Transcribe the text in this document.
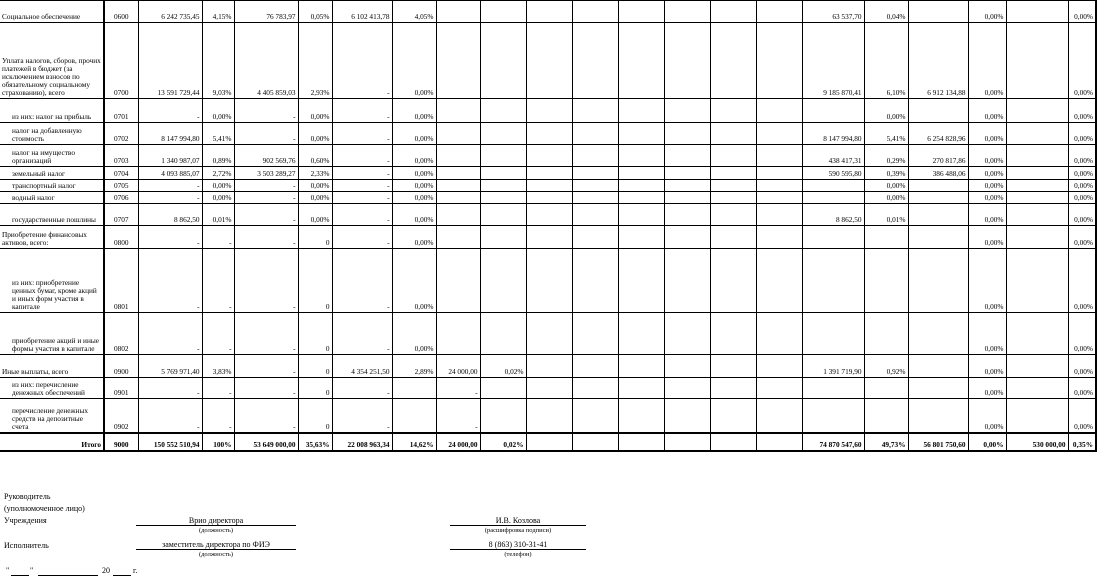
Социальное обеспечение	0600	6 242 735,45	4,15%	76 783,97	0,05%	6 102 413,78	4,05%									63 537,70	0,04%		0,00%		0,00%
Уплата налогов, сборов, прочих платежей в бюджет (за исключением взносов по обязательному социальному страхованию), всего	0700	13 591 729,44	9,03%	4 405 859,03	2,93%	-	0,00%									9 185 870,41	6,10%	6 912 134,88	0,00%		0,00%
из них: налог на прибыль	0701	-	0,00%	-	0,00%	-	0,00%										0,00%		0,00%		0,00%
налог на добавленную стоимость	0702	8 147 994,80	5,41%	-	0,00%	-	0,00%									8 147 994,80	5,41%	6 254 828,96	0,00%		0,00%
налог на имущество организаций	0703	1 340 987,07	0,89%	902 569,76	0,60%	-	0,00%									438 417,31	0,29%	270 817,86	0,00%		0,00%
земельный налог	0704	4 093 885,07	2,72%	3 503 289,27	2,33%	-	0,00%									590 595,80	0,39%	386 488,06	0,00%		0,00%
транспортный налог	0705	-	0,00%	-	0,00%	-	0,00%										0,00%		0,00%		0,00%
водный налог	0706	-	0,00%	-	0,00%	-	0,00%										0,00%		0,00%		0,00%
государственные пошлины	0707	8 862,50	0,01%	-	0,00%	-	0,00%									8 862,50	0,01%		0,00%		0,00%
Приобретение финансовых активов, всего:	0800	-	-	-	0	-	0,00%												0,00%		0,00%
из них: приобретение ценных бумаг, кроме акций и иных форм участия в капитале	0801	-	-	-	0	-	0,00%												0,00%		0,00%
приобретение акций и иные формы участия в капитале	0802	-	-	-	0	-	0,00%												0,00%		0,00%
Иные выплаты, всего	0900	5 769 971,40	3,83%	-	0	4 354 251,50	2,89%	24 000,00	0,02%							1 391 719,90	0,92%		0,00%		0,00%
из них: перечисление денежных обеспечений	0901	-	-	-	0	-		-											0,00%		0,00%
перечисление денежных средств на депозитные счета	0902	-	-	-	0	-		-											0,00%		0,00%
Итого	9000	150 552 510,94	100%	53 649 000,00	35,63%	22 008 963,34	14,62%	24 000,00	0,02%							74 870 547,60	49,73%	56 801 750,60	0,00%	530 000,00	0,35%
Руководитель
(уполномоченное лицо)
Учреждения	Врио директора
(должность)
И.В. Козлова
(расшифровка подписи)
Исполнитель	заместитель директора по ФИЭ
(должность)
8 (863) 310-31-41
(телефон)
"	"	20	г.
